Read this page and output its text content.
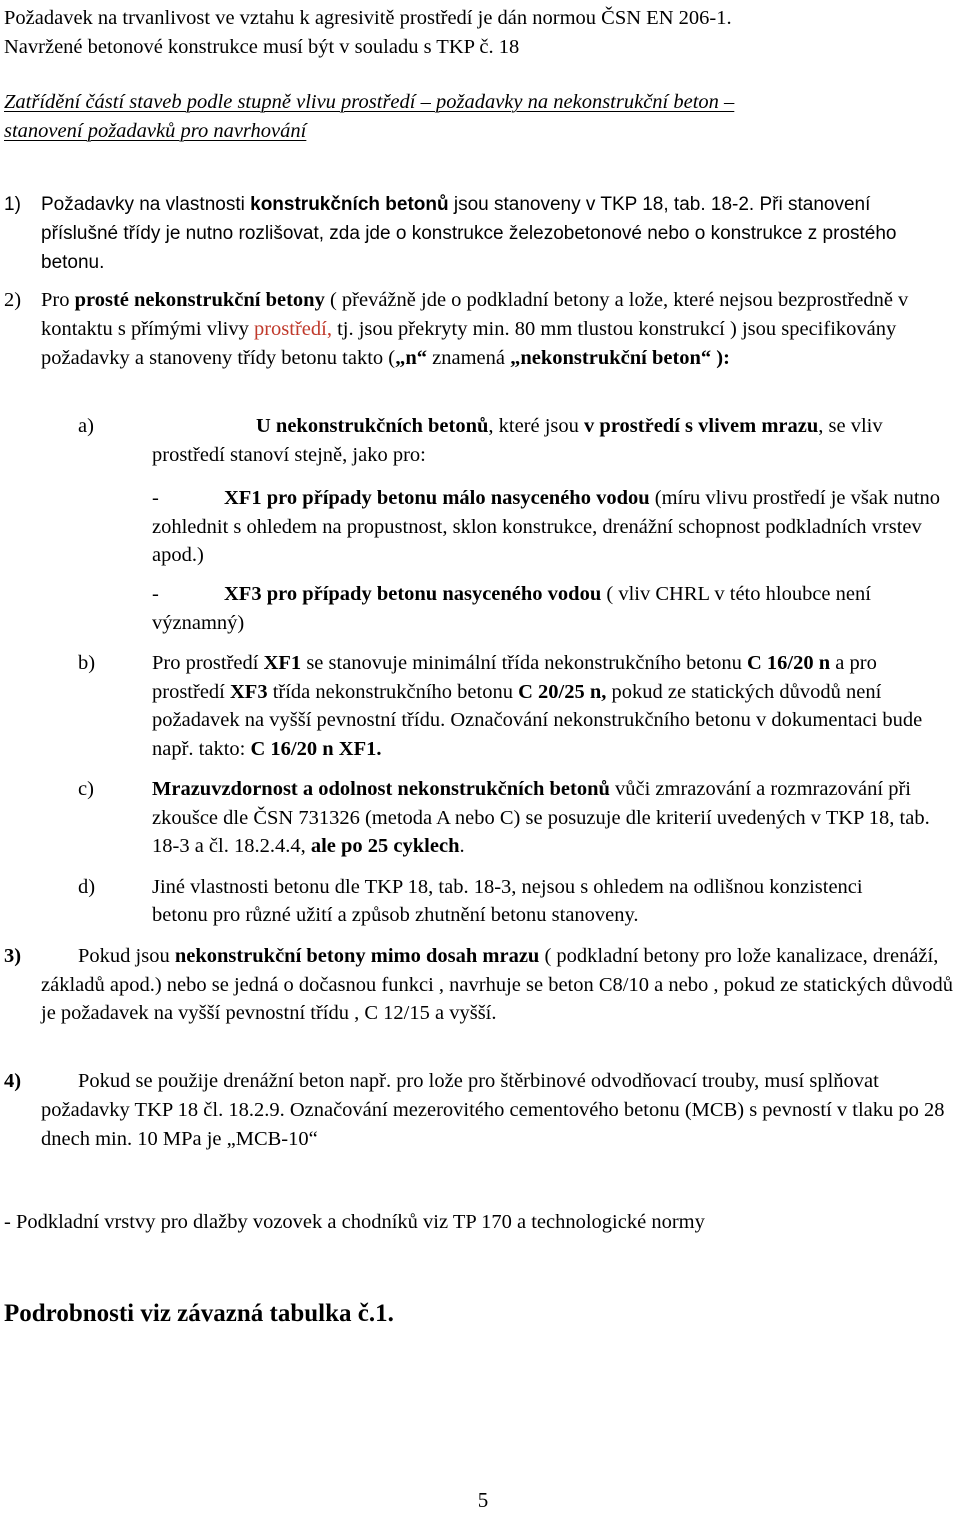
Požadavek na trvanlivost ve vztahu k agresivitě prostředí je dán normou ČSN EN 206-1.

Navržené betonové konstrukce musí být v souladu s TKP č. 18

Zatřídění částí staveb podle stupně vlivu prostředí – požadavky na nekonstrukční beton –

stanovení požadavků pro navrhování

1)	Požadavky na vlastnosti konstrukčních betonů jsou stanoveny v TKP 18, tab. 18-2. Při stanovení příslušné třídy je nutno rozlišovat, zda jde o konstrukce železobetonové nebo o konstrukce z prostého betonu.
2) Pro prosté nekonstrukční betony ( převážně jde o podkladní betony a lože, které nejsou bezprostředně v kontaktu s přímými vlivy prostředí, tj. jsou překryty min. 80 mm tlustou konstrukcí ) jsou specifikovány požadavky a stanoveny třídy betonu takto („n“ znamená „nekonstrukční beton“ ):
a)	U nekonstrukčních betonů, které jsou v prostředí s vlivem mrazu, se vliv prostředí stanoví stejně, jako pro:

-	XF1 pro případy betonu málo nasyceného vodou (míru vlivu prostředí je však nutno zohlednit s ohledem na propustnost, sklon konstrukce, drenážní schopnost podkladních vrstev apod.)

-	XF3 pro případy betonu nasyceného vodou ( vliv CHRL v této hloubce není významný)

b)	Pro prostředí XF1 se stanovuje minimální třída nekonstrukčního betonu C 16/20 n a pro prostředí XF3 třída nekonstrukčního betonu C 20/25 n, pokud ze statických důvodů není požadavek na vyšší pevnostní třídu. Označování nekonstrukčního betonu v dokumentaci bude např. takto: C 16/20 n XF1.
c)	Mrazuvzdornost a odolnost nekonstrukčních betonů vůči zmrazování a rozmrazování při zkoušce dle ČSN 731326 (metoda A nebo C) se posuzuje dle kriterií uvedených v TKP 18, tab. 18-3 a čl. 18.2.4.4, ale po 25 cyklech.
d)	Jiné vlastnosti betonu dle TKP 18, tab. 18-3, nejsou s ohledem na odlišnou konzistenci betonu pro různé užití a způsob zhutnění betonu stanoveny.

3)	Pokud jsou nekonstrukční betony mimo dosah mrazu ( podkladní betony pro lože kanalizace, drenáží, základů apod.) nebo se jedná o dočasnou funkci , navrhuje se beton C8/10 a nebo , pokud ze statických důvodů je požadavek na vyšší pevnostní třídu , C 12/15 a vyšší.

4)	Pokud se použije drenážní beton např. pro lože pro štěrbinové odvodňovací trouby, musí splňovat požadavky TKP 18 čl. 18.2.9. Označování mezerovitého cementového betonu (MCB) s pevností v tlaku po 28 dnech min. 10 MPa je „MCB-10“

- Podkladní vrstvy pro dlažby vozovek a chodníků viz TP 170 a technologické normy

Podrobnosti viz závazná tabulka č.1.

5
